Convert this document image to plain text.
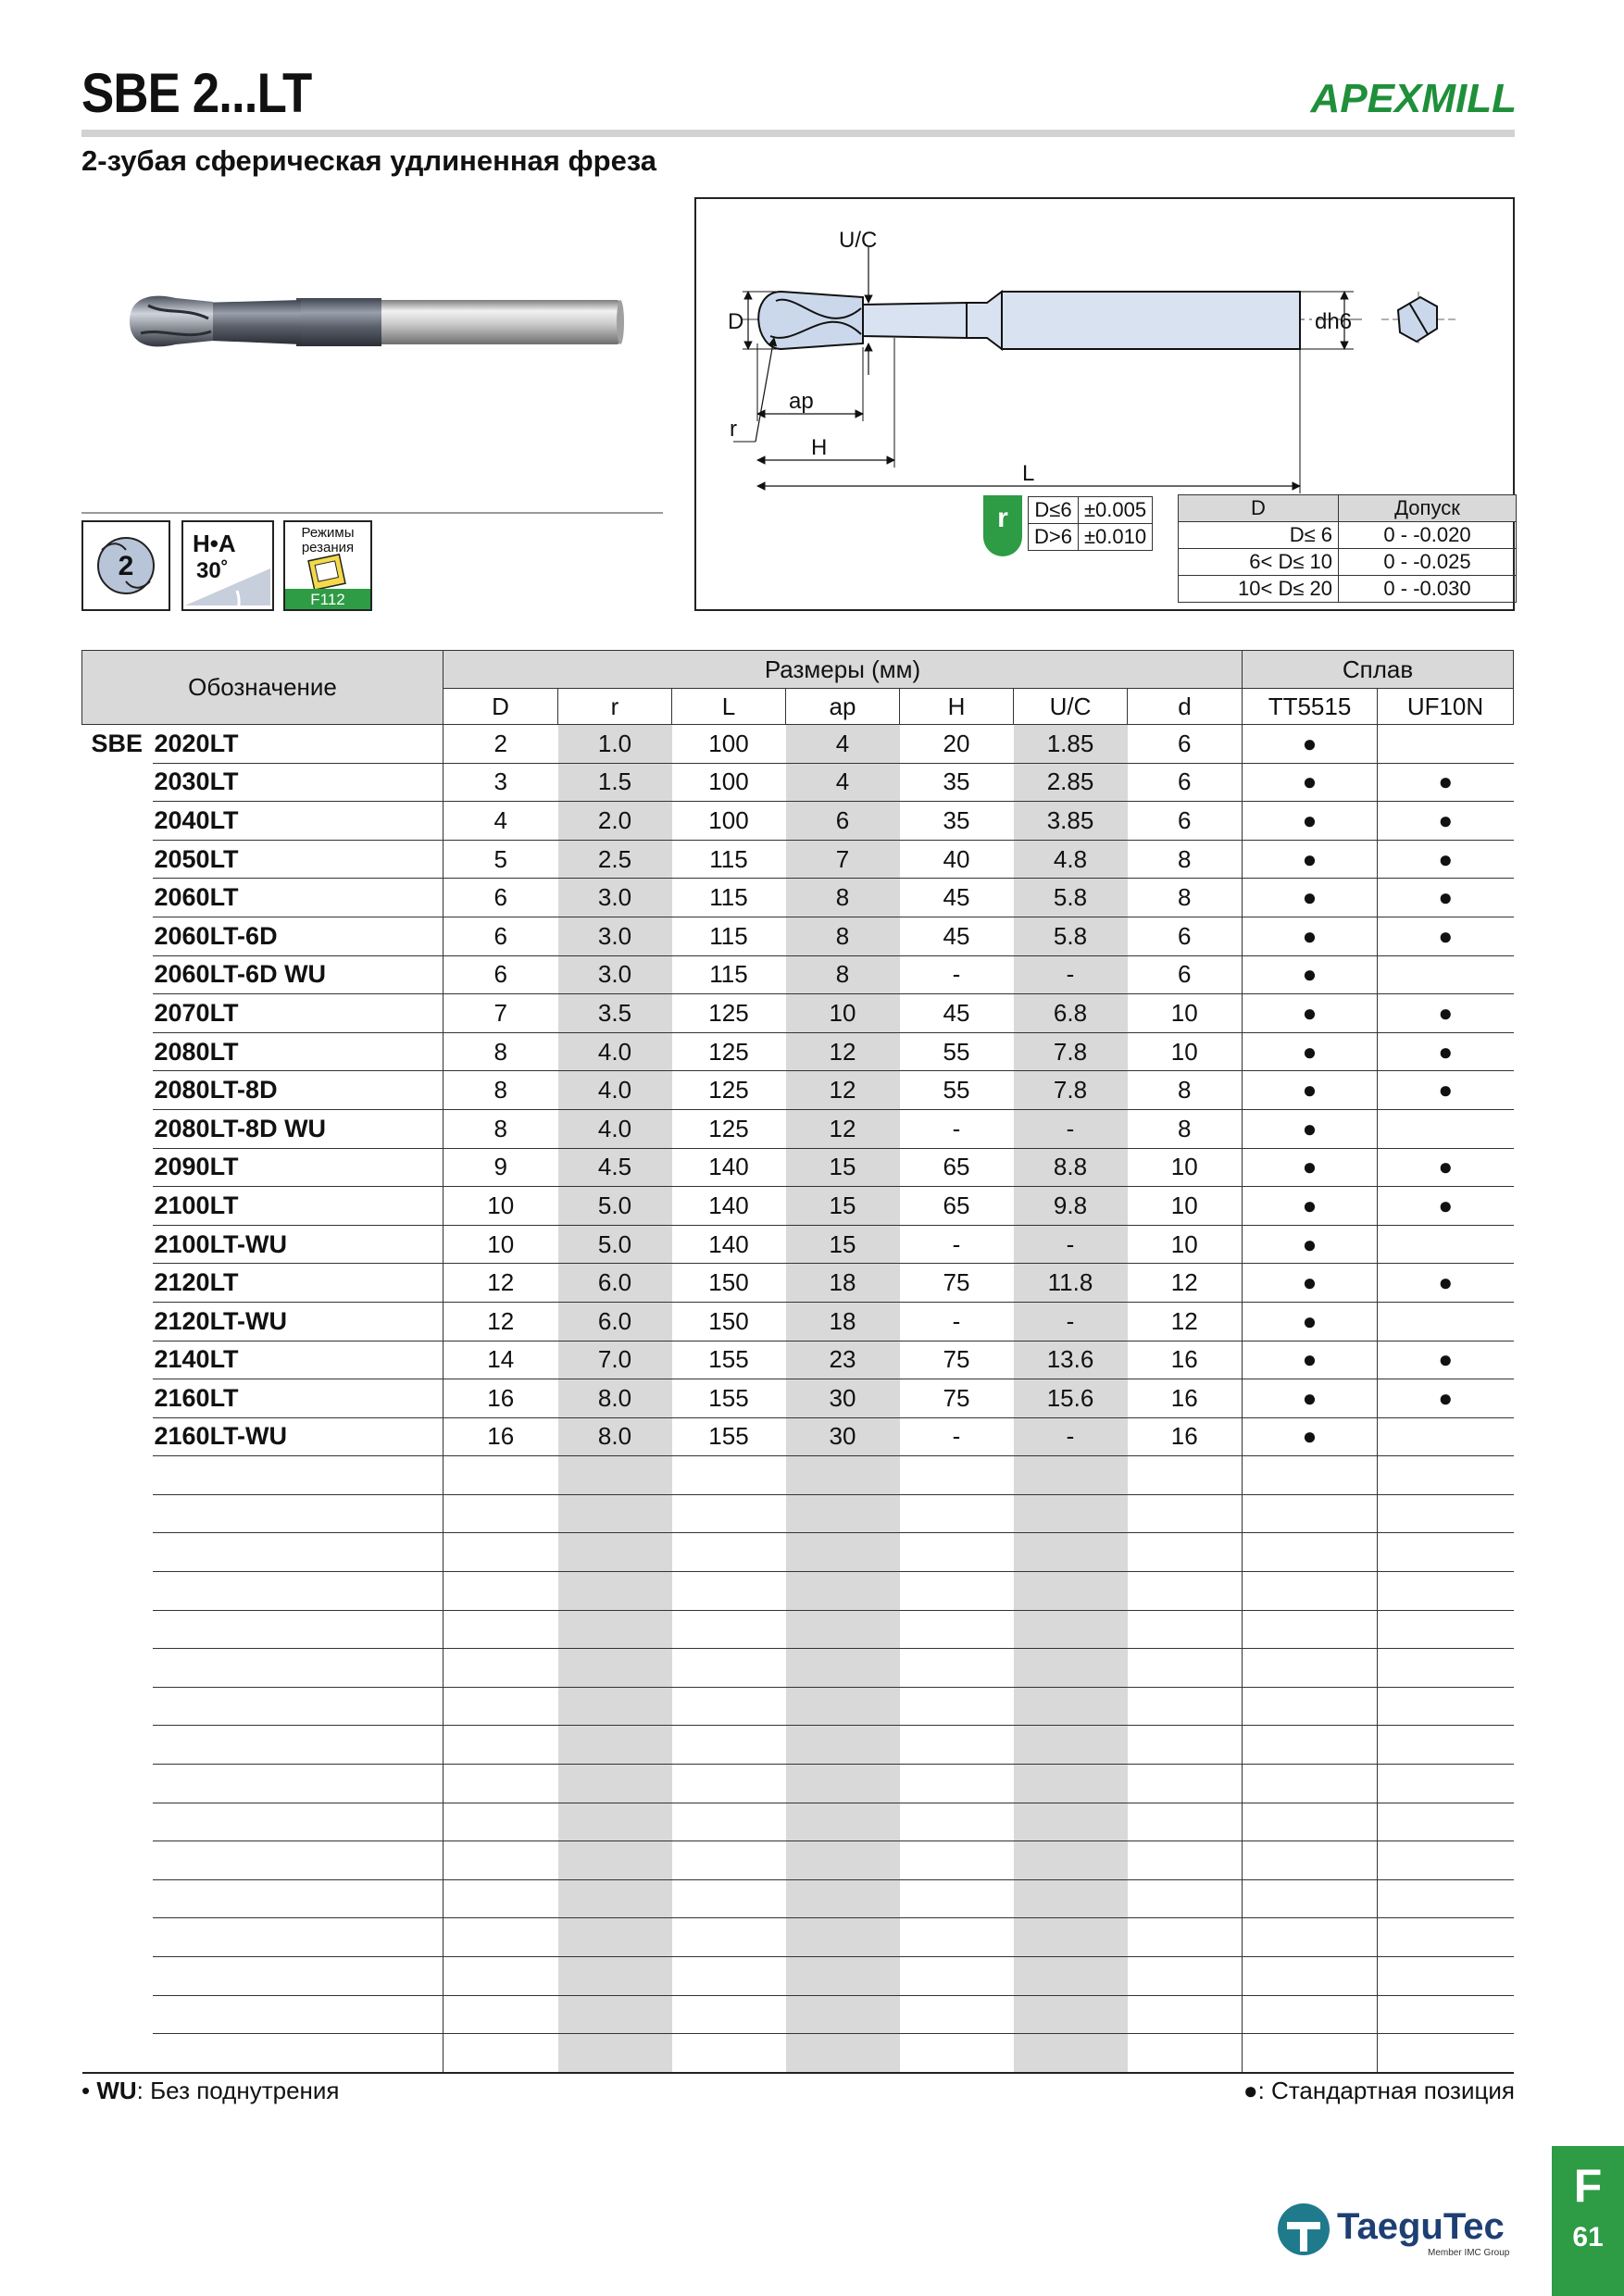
SBE 2...LT	APEXMILL
2-зубая сферическая удлиненная фреза
2
H•A
30˚
Режимы
резания
F112
D	dh6
U/C
ap
H
L
r
r	D≤6	±0.005
D>6	±0.010
D	Допуск
D≤ 6	0 - -0.020
6< D≤ 10	0 - -0.025
10< D≤ 20	0 - -0.030
Обозначение		Размеры (мм)							Сплав	
		D	r	L	ap	H	U/C	d	TT5515	UF10N
SBE	2020LT	2	1.0	100	4	20	1.85	6	●	
	2030LT	3	1.5	100	4	35	2.85	6	●	●
	2040LT	4	2.0	100	6	35	3.85	6	●	●
	2050LT	5	2.5	115	7	40	4.8	8	●	●
	2060LT	6	3.0	115	8	45	5.8	8	●	●
	2060LT-6D	6	3.0	115	8	45	5.8	6	●	●
	2060LT-6D WU	6	3.0	115	8	-	-	6	●	
	2070LT	7	3.5	125	10	45	6.8	10	●	●
	2080LT	8	4.0	125	12	55	7.8	10	●	●
	2080LT-8D	8	4.0	125	12	55	7.8	8	●	●
	2080LT-8D WU	8	4.0	125	12	-	-	8	●	
	2090LT	9	4.5	140	15	65	8.8	10	●	●
	2100LT	10	5.0	140	15	65	9.8	10	●	●
	2100LT-WU	10	5.0	140	15	-	-	10	●	
	2120LT	12	6.0	150	18	75	11.8	12	●	●
	2120LT-WU	12	6.0	150	18	-	-	12	●	
	2140LT	14	7.0	155	23	75	13.6	16	●	●
	2160LT	16	8.0	155	30	75	15.6	16	●	●
	2160LT-WU	16	8.0	155	30	-	-	16	●	

• WU: Без поднутрения	●: Стандартная позиция
TaeguTec
Member IMC Group
F
61
